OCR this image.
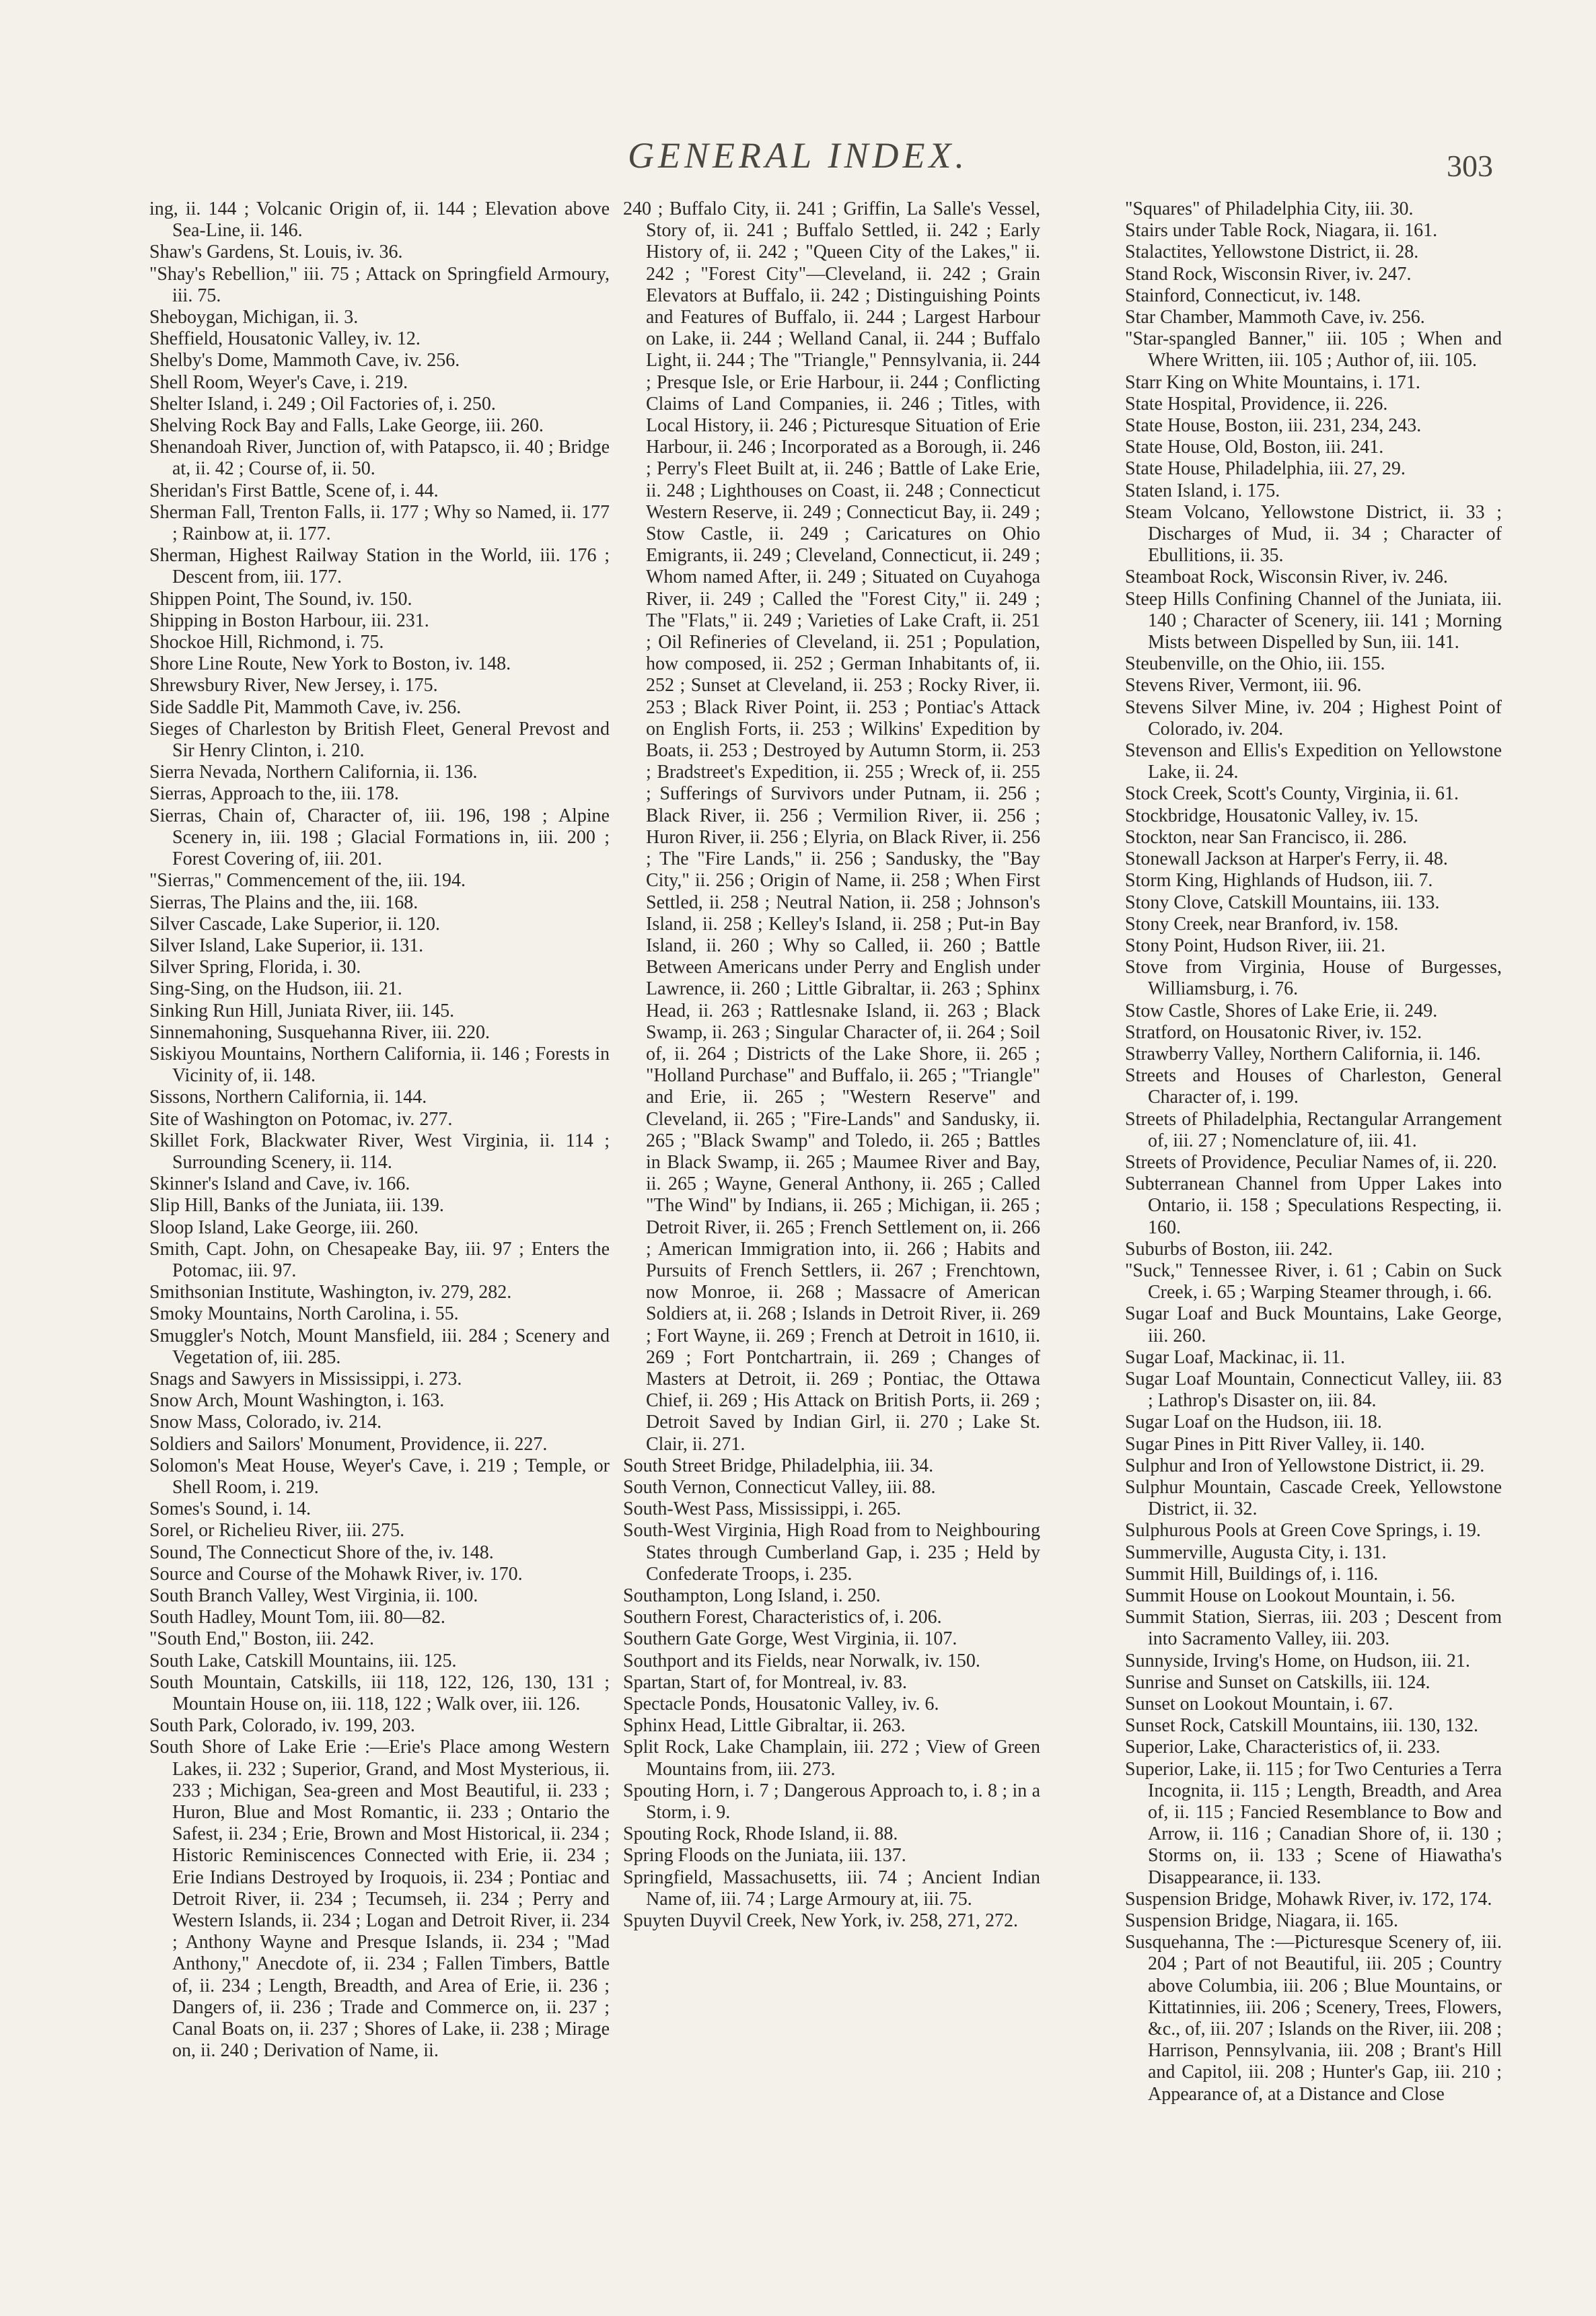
GENERAL INDEX.	303

ing, ii. 144 ; Volcanic Origin of, ii. 144 ; Elevation above Sea-Line, ii. 146.

Shaw's Gardens, St. Louis, iv. 36.

"Shay's Rebellion," iii. 75 ; Attack on Springfield Armoury, iii. 75.

Sheboygan, Michigan, ii. 3.

Sheffield, Housatonic Valley, iv. 12.

Shelby's Dome, Mammoth Cave, iv. 256.

Shell Room, Weyer's Cave, i. 219.

Shelter Island, i. 249 ; Oil Factories of, i. 250.

Shelving Rock Bay and Falls, Lake George, iii. 260.

Shenandoah River, Junction of, with Patapsco, ii. 40 ; Bridge at, ii. 42 ; Course of, ii. 50.

Sheridan's First Battle, Scene of, i. 44.

Sherman Fall, Trenton Falls, ii. 177 ; Why so Named, ii. 177 ; Rainbow at, ii. 177.

Sherman, Highest Railway Station in the World, iii. 176 ; Descent from, iii. 177.

Shippen Point, The Sound, iv. 150.

Shipping in Boston Harbour, iii. 231.

Shockoe Hill, Richmond, i. 75.

Shore Line Route, New York to Boston, iv. 148.

Shrewsbury River, New Jersey, i. 175.

Side Saddle Pit, Mammoth Cave, iv. 256.

Sieges of Charleston by British Fleet, General Prevost and Sir Henry Clinton, i. 210.

Sierra Nevada, Northern California, ii. 136.

Sierras, Approach to the, iii. 178.

Sierras, Chain of, Character of, iii. 196, 198 ; Alpine Scenery in, iii. 198 ; Glacial Formations in, iii. 200 ; Forest Covering of, iii. 201.

"Sierras," Commencement of the, iii. 194.

Sierras, The Plains and the, iii. 168.

Silver Cascade, Lake Superior, ii. 120.

Silver Island, Lake Superior, ii. 131.

Silver Spring, Florida, i. 30.

Sing-Sing, on the Hudson, iii. 21.

Sinking Run Hill, Juniata River, iii. 145.

Sinnemahoning, Susquehanna River, iii. 220.

Siskiyou Mountains, Northern California, ii. 146 ; Forests in Vicinity of, ii. 148.

Sissons, Northern California, ii. 144.

Site of Washington on Potomac, iv. 277.

Skillet Fork, Blackwater River, West Virginia, ii. 114 ; Surrounding Scenery, ii. 114.

Skinner's Island and Cave, iv. 166.

Slip Hill, Banks of the Juniata, iii. 139.

Sloop Island, Lake George, iii. 260.

Smith, Capt. John, on Chesapeake Bay, iii. 97 ; Enters the Potomac, iii. 97.

Smithsonian Institute, Washington, iv. 279, 282.

Smoky Mountains, North Carolina, i. 55.

Smuggler's Notch, Mount Mansfield, iii. 284 ; Scenery and Vegetation of, iii. 285.

Snags and Sawyers in Mississippi, i. 273.

Snow Arch, Mount Washington, i. 163.

Snow Mass, Colorado, iv. 214.

Soldiers and Sailors' Monument, Providence, ii. 227.

Solomon's Meat House, Weyer's Cave, i. 219 ; Temple, or Shell Room, i. 219.

Somes's Sound, i. 14.

Sorel, or Richelieu River, iii. 275.

Sound, The Connecticut Shore of the, iv. 148.

Source and Course of the Mohawk River, iv. 170.

South Branch Valley, West Virginia, ii. 100.

South Hadley, Mount Tom, iii. 80—82.

"South End," Boston, iii. 242.

South Lake, Catskill Mountains, iii. 125.

South Mountain, Catskills, iii 118, 122, 126, 130, 131 ; Mountain House on, iii. 118, 122 ; Walk over, iii. 126.

South Park, Colorado, iv. 199, 203.

South Shore of Lake Erie :—Erie's Place among Western Lakes, ii. 232 ; Superior, Grand, and Most Mysterious, ii. 233 ; Michigan, Sea-green and Most Beautiful, ii. 233 ; Huron, Blue and Most Romantic, ii. 233 ; Ontario the Safest, ii. 234 ; Erie, Brown and Most Historical, ii. 234 ; Historic Reminiscences Connected with Erie, ii. 234 ; Erie Indians Destroyed by Iroquois, ii. 234 ; Pontiac and Detroit River, ii. 234 ; Tecumseh, ii. 234 ; Perry and Western Islands, ii. 234 ; Logan and Detroit River, ii. 234 ; Anthony Wayne and Presque Islands, ii. 234 ; "Mad Anthony," Anecdote of, ii. 234 ; Fallen Timbers, Battle of, ii. 234 ; Length, Breadth, and Area of Erie, ii. 236 ; Dangers of, ii. 236 ; Trade and Commerce on, ii. 237 ; Canal Boats on, ii. 237 ; Shores of Lake, ii. 238 ; Mirage on, ii. 240 ; Derivation of Name, ii.

240 ; Buffalo City, ii. 241 ; Griffin, La Salle's Vessel, Story of, ii. 241 ; Buffalo Settled, ii. 242 ; Early History of, ii. 242 ; "Queen City of the Lakes," ii. 242 ; "Forest City"—Cleveland, ii. 242 ; Grain Elevators at Buffalo, ii. 242 ; Distinguishing Points and Features of Buffalo, ii. 244 ; Largest Harbour on Lake, ii. 244 ; Welland Canal, ii. 244 ; Buffalo Light, ii. 244 ; The "Triangle," Pennsylvania, ii. 244 ; Presque Isle, or Erie Harbour, ii. 244 ; Conflicting Claims of Land Companies, ii. 246 ; Titles, with Local History, ii. 246 ; Picturesque Situation of Erie Harbour, ii. 246 ; Incorporated as a Borough, ii. 246 ; Perry's Fleet Built at, ii. 246 ; Battle of Lake Erie, ii. 248 ; Lighthouses on Coast, ii. 248 ; Connecticut Western Reserve, ii. 249 ; Connecticut Bay, ii. 249 ; Stow Castle, ii. 249 ; Caricatures on Ohio Emigrants, ii. 249 ; Cleveland, Connecticut, ii. 249 ; Whom named After, ii. 249 ; Situated on Cuyahoga River, ii. 249 ; Called the "Forest City," ii. 249 ; The "Flats," ii. 249 ; Varieties of Lake Craft, ii. 251 ; Oil Refineries of Cleveland, ii. 251 ; Population, how composed, ii. 252 ; German Inhabitants of, ii. 252 ; Sunset at Cleveland, ii. 253 ; Rocky River, ii. 253 ; Black River Point, ii. 253 ; Pontiac's Attack on English Forts, ii. 253 ; Wilkins' Expedition by Boats, ii. 253 ; Destroyed by Autumn Storm, ii. 253 ; Bradstreet's Expedition, ii. 255 ; Wreck of, ii. 255 ; Sufferings of Survivors under Putnam, ii. 256 ; Black River, ii. 256 ; Vermilion River, ii. 256 ; Huron River, ii. 256 ; Elyria, on Black River, ii. 256 ; The "Fire Lands," ii. 256 ; Sandusky, the "Bay City," ii. 256 ; Origin of Name, ii. 258 ; When First Settled, ii. 258 ; Neutral Nation, ii. 258 ; Johnson's Island, ii. 258 ; Kelley's Island, ii. 258 ; Put-in Bay Island, ii. 260 ; Why so Called, ii. 260 ; Battle Between Americans under Perry and English under Lawrence, ii. 260 ; Little Gibraltar, ii. 263 ; Sphinx Head, ii. 263 ; Rattlesnake Island, ii. 263 ; Black Swamp, ii. 263 ; Singular Character of, ii. 264 ; Soil of, ii. 264 ; Districts of the Lake Shore, ii. 265 ; "Holland Purchase" and Buffalo, ii. 265 ; "Triangle" and Erie, ii. 265 ; "Western Reserve" and Cleveland, ii. 265 ; "Fire-Lands" and Sandusky, ii. 265 ; "Black Swamp" and Toledo, ii. 265 ; Battles in Black Swamp, ii. 265 ; Maumee River and Bay, ii. 265 ; Wayne, General Anthony, ii. 265 ; Called "The Wind" by Indians, ii. 265 ; Michigan, ii. 265 ; Detroit River, ii. 265 ; French Settlement on, ii. 266 ; American Immigration into, ii. 266 ; Habits and Pursuits of French Settlers, ii. 267 ; Frenchtown, now Monroe, ii. 268 ; Massacre of American Soldiers at, ii. 268 ; Islands in Detroit River, ii. 269 ; Fort Wayne, ii. 269 ; French at Detroit in 1610, ii. 269 ; Fort Pontchartrain, ii. 269 ; Changes of Masters at Detroit, ii. 269 ; Pontiac, the Ottawa Chief, ii. 269 ; His Attack on British Ports, ii. 269 ; Detroit Saved by Indian Girl, ii. 270 ; Lake St. Clair, ii. 271.

South Street Bridge, Philadelphia, iii. 34.

South Vernon, Connecticut Valley, iii. 88.

South-West Pass, Mississippi, i. 265.

South-West Virginia, High Road from to Neighbouring States through Cumberland Gap, i. 235 ; Held by Confederate Troops, i. 235.

Southampton, Long Island, i. 250.

Southern Forest, Characteristics of, i. 206.

Southern Gate Gorge, West Virginia, ii. 107.

Southport and its Fields, near Norwalk, iv. 150.

Spartan, Start of, for Montreal, iv. 83.

Spectacle Ponds, Housatonic Valley, iv. 6.

Sphinx Head, Little Gibraltar, ii. 263.

Split Rock, Lake Champlain, iii. 272 ; View of Green Mountains from, iii. 273.

Spouting Horn, i. 7 ; Dangerous Approach to, i. 8 ; in a Storm, i. 9.

Spouting Rock, Rhode Island, ii. 88.

Spring Floods on the Juniata, iii. 137.

Springfield, Massachusetts, iii. 74 ; Ancient Indian Name of, iii. 74 ; Large Armoury at, iii. 75.

Spuyten Duyvil Creek, New York, iv. 258, 271, 272.

"Squares" of Philadelphia City, iii. 30.

Stairs under Table Rock, Niagara, ii. 161.

Stalactites, Yellowstone District, ii. 28.

Stand Rock, Wisconsin River, iv. 247.

Stainford, Connecticut, iv. 148.

Star Chamber, Mammoth Cave, iv. 256.

"Star-spangled Banner," iii. 105 ; When and Where Written, iii. 105 ; Author of, iii. 105.

Starr King on White Mountains, i. 171.

State Hospital, Providence, ii. 226.

State House, Boston, iii. 231, 234, 243.

State House, Old, Boston, iii. 241.

State House, Philadelphia, iii. 27, 29.

Staten Island, i. 175.

Steam Volcano, Yellowstone District, ii. 33 ; Discharges of Mud, ii. 34 ; Character of Ebullitions, ii. 35.

Steamboat Rock, Wisconsin River, iv. 246.

Steep Hills Confining Channel of the Juniata, iii. 140 ; Character of Scenery, iii. 141 ; Morning Mists between Dispelled by Sun, iii. 141.

Steubenville, on the Ohio, iii. 155.

Stevens River, Vermont, iii. 96.

Stevens Silver Mine, iv. 204 ; Highest Point of Colorado, iv. 204.

Stevenson and Ellis's Expedition on Yellowstone Lake, ii. 24.

Stock Creek, Scott's County, Virginia, ii. 61.

Stockbridge, Housatonic Valley, iv. 15.

Stockton, near San Francisco, ii. 286.

Stonewall Jackson at Harper's Ferry, ii. 48.

Storm King, Highlands of Hudson, iii. 7.

Stony Clove, Catskill Mountains, iii. 133.

Stony Creek, near Branford, iv. 158.

Stony Point, Hudson River, iii. 21.

Stove from Virginia, House of Burgesses, Williamsburg, i. 76.

Stow Castle, Shores of Lake Erie, ii. 249.

Stratford, on Housatonic River, iv. 152.

Strawberry Valley, Northern California, ii. 146.

Streets and Houses of Charleston, General Character of, i. 199.

Streets of Philadelphia, Rectangular Arrangement of, iii. 27 ; Nomenclature of, iii. 41.

Streets of Providence, Peculiar Names of, ii. 220.

Subterranean Channel from Upper Lakes into Ontario, ii. 158 ; Speculations Respecting, ii. 160.

Suburbs of Boston, iii. 242.

"Suck," Tennessee River, i. 61 ; Cabin on Suck Creek, i. 65 ; Warping Steamer through, i. 66.

Sugar Loaf and Buck Mountains, Lake George, iii. 260.

Sugar Loaf, Mackinac, ii. 11.

Sugar Loaf Mountain, Connecticut Valley, iii. 83 ; Lathrop's Disaster on, iii. 84.

Sugar Loaf on the Hudson, iii. 18.

Sugar Pines in Pitt River Valley, ii. 140.

Sulphur and Iron of Yellowstone District, ii. 29.

Sulphur Mountain, Cascade Creek, Yellowstone District, ii. 32.

Sulphurous Pools at Green Cove Springs, i. 19.

Summerville, Augusta City, i. 131.

Summit Hill, Buildings of, i. 116.

Summit House on Lookout Mountain, i. 56.

Summit Station, Sierras, iii. 203 ; Descent from into Sacramento Valley, iii. 203.

Sunnyside, Irving's Home, on Hudson, iii. 21.

Sunrise and Sunset on Catskills, iii. 124.

Sunset on Lookout Mountain, i. 67.

Sunset Rock, Catskill Mountains, iii. 130, 132.

Superior, Lake, Characteristics of, ii. 233.

Superior, Lake, ii. 115 ; for Two Centuries a Terra Incognita, ii. 115 ; Length, Breadth, and Area of, ii. 115 ; Fancied Resemblance to Bow and Arrow, ii. 116 ; Canadian Shore of, ii. 130 ; Storms on, ii. 133 ; Scene of Hiawatha's Disappearance, ii. 133.

Suspension Bridge, Mohawk River, iv. 172, 174.

Suspension Bridge, Niagara, ii. 165.

Susquehanna, The :—Picturesque Scenery of, iii. 204 ; Part of not Beautiful, iii. 205 ; Country above Columbia, iii. 206 ; Blue Mountains, or Kittatinnies, iii. 206 ; Scenery, Trees, Flowers, &c., of, iii. 207 ; Islands on the River, iii. 208 ; Harrison, Pennsylvania, iii. 208 ; Brant's Hill and Capitol, iii. 208 ; Hunter's Gap, iii. 210 ; Appearance of, at a Distance and Close
